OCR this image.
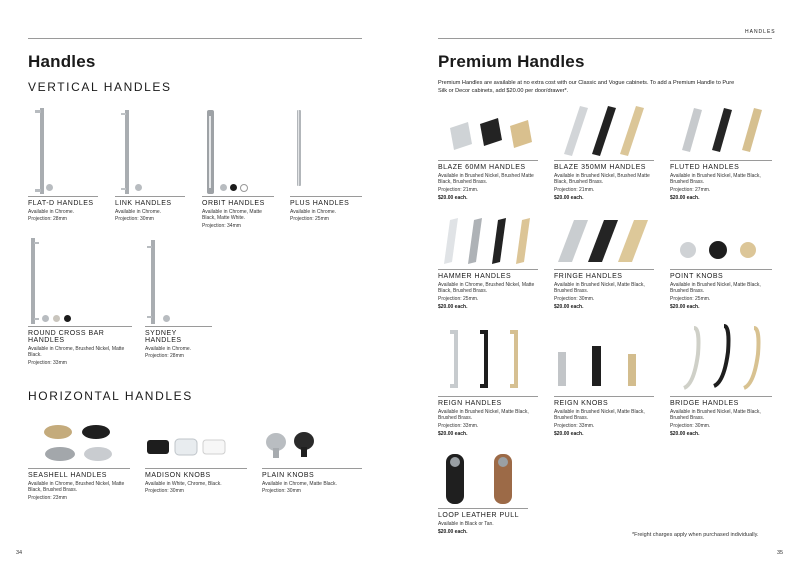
Handles
VERTICAL HANDLES
FLAT-D HANDLES
Available in Chrome.
Projection: 28mm
LINK HANDLES
Available in Chrome.
Projection: 30mm
ORBIT HANDLES
Available in Chrome, Matte Black, Matte White.
Projection: 34mm
PLUS HANDLES
Available in Chrome.
Projection: 25mm
ROUND CROSS BAR HANDLES
Available in Chrome, Brushed Nickel, Matte Black.
Projection: 33mm
SYDNEY HANDLES
Available in Chrome.
Projection: 28mm
HORIZONTAL HANDLES
SEASHELL HANDLES
Available in Chrome, Brushed Nickel, Matte Black, Brushed Brass.
Projection: 23mm
MADISON KNOBS
Available in White, Chrome, Black.
Projection: 30mm
PLAIN KNOBS
Available in Chrome, Matte Black.
Projection: 30mm
34
HANDLES
Premium Handles
Premium Handles are available at no extra cost with our Classic and Vogue cabinets. To add a Premium Handle to Pure Silk or Decor cabinets, add $20.00 per door/drawer*.
BLAZE 60MM HANDLES
Available in Brushed Nickel, Brushed Matte Black, Brushed Brass.
Projection: 21mm.
$20.00 each.
BLAZE 350MM HANDLES
Available in Brushed Nickel, Brushed Matte Black, Brushed Brass.
Projection: 21mm.
$20.00 each.
FLUTED HANDLES
Available in Brushed Nickel, Matte Black, Brushed Brass.
Projection: 27mm.
$20.00 each.
HAMMER HANDLES
Available in Chrome, Brushed Nickel, Matte Black, Brushed Brass.
Projection: 25mm.
$20.00 each.
FRINGE HANDLES
Available in Brushed Nickel, Matte Black, Brushed Brass.
Projection: 30mm.
$20.00 each.
POINT KNOBS
Available in Brushed Nickel, Matte Black, Brushed Brass.
Projection: 25mm.
$20.00 each.
REIGN HANDLES
Available in Brushed Nickel, Matte Black, Brushed Brass.
Projection: 33mm.
$20.00 each.
REIGN KNOBS
Available in Brushed Nickel, Matte Black, Brushed Brass.
Projection: 33mm.
$20.00 each.
BRIDGE HANDLES
Available in Brushed Nickel, Matte Black, Brushed Brass.
Projection: 30mm.
$20.00 each.
LOOP LEATHER PULL
Available in Black or Tan.
$20.00 each.	*Freight charges apply when purchased individually.
35
